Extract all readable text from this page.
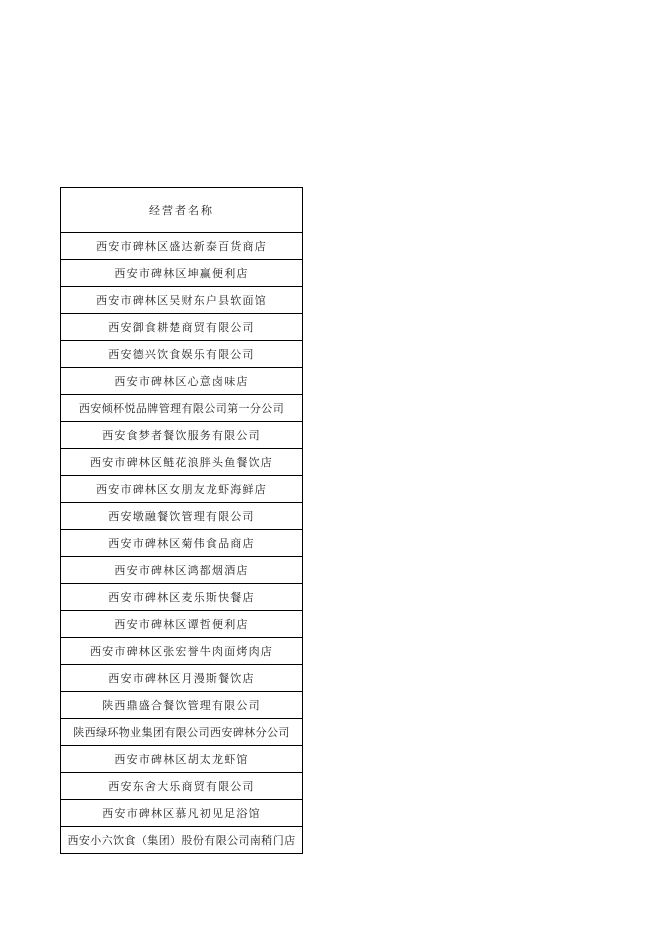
经营者名称
西安市碑林区盛达新泰百货商店
西安市碑林区坤赢便利店
西安市碑林区吴财东户县软面馆
西安御食耕楚商贸有限公司
西安德兴饮食娱乐有限公司
西安市碑林区心意卤味店
西安倾杯悦品牌管理有限公司第一分公司
西安食梦者餐饮服务有限公司
西安市碑林区鲢花浪胖头鱼餐饮店
西安市碑林区女朋友龙虾海鲜店
西安墩融餐饮管理有限公司
西安市碑林区菊伟食品商店
西安市碑林区鸿都烟酒店
西安市碑林区麦乐斯快餐店
西安市碑林区谭哲便利店
西安市碑林区张宏誉牛肉面烤肉店
西安市碑林区月漫斯餐饮店
陕西鼎盛合餐饮管理有限公司
陕西绿环物业集团有限公司西安碑林分公司
西安市碑林区胡太龙虾馆
西安东舍大乐商贸有限公司
西安市碑林区慕凡初见足浴馆
西安小六饮食（集团）股份有限公司南稍门店
